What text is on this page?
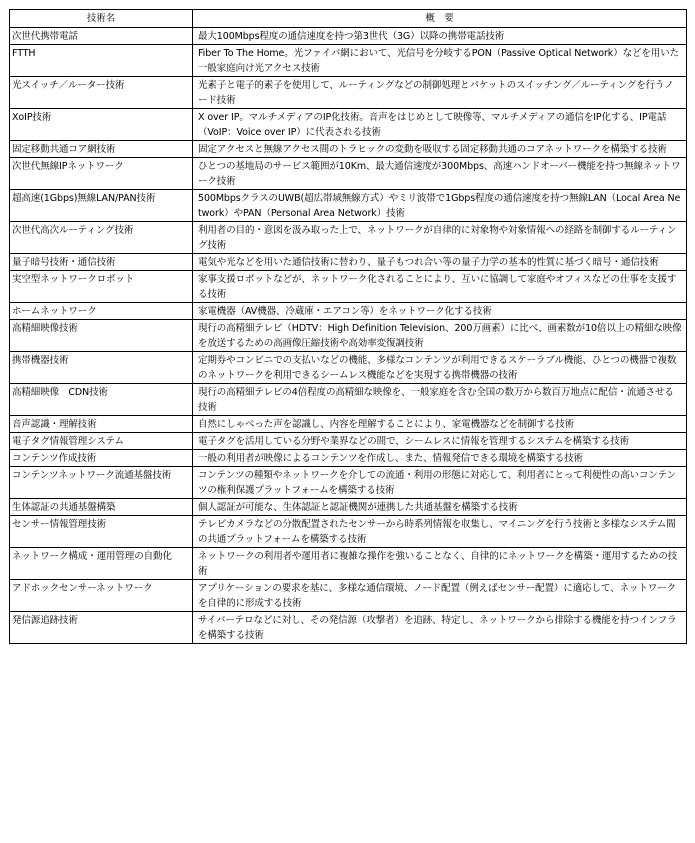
技術名	概　要
次世代携帯電話	最大100Mbps程度の通信速度を持つ第3世代（3G）以降の携帯電話技術
FTTH	Fiber To The Home。光ファイバ網において、光信号を分岐するPON（Passive Optical Network）などを用いた一般家庭向け光アクセス技術
光スイッチ／ルーター技術	光素子と電子的素子を使用して、ルーティングなどの制御処理とパケットのスイッチング／ルーティングを行うノード技術
XoIP技術	X over IP。マルチメディアのIP化技術。音声をはじめとして映像等、マルチメディアの通信をIP化する、IP電話（VoIP：Voice over IP）に代表される技術
固定移動共通コア網技術	固定アクセスと無線アクセス間のトラヒックの変動を吸収する固定移動共通のコアネットワークを構築する技術
次世代無線IPネットワーク	ひとつの基地局のサービス範囲が10Km、最大通信速度が300Mbps、高速ハンドオーバー機能を持つ無線ネットワーク技術
超高速(1Gbps)無線LAN/PAN技術	500MbpsクラスのUWB(超広帯域無線方式）やミリ波帯で1Gbps程度の通信速度を持つ無線LAN（Local Area Network）やPAN（Personal Area Network）技術
次世代高次ルーティング技術	利用者の目的・意図を汲み取った上で、ネットワークが自律的に対象物や対象情報への経路を制御するルーティング技術
量子暗号技術・通信技術	電気や光などを用いた通信技術に替わり、量子もつれ合い等の量子力学の基本的性質に基づく暗号・通信技術
実空型ネットワークロボット	家事支援ロボットなどが、ネットワーク化されることにより、互いに協調して家庭やオフィスなどの仕事を支援する技術
ホームネットワーク	家電機器（AV機器、冷蔵庫・エアコン等）をネットワーク化する技術
高精細映像技術	現行の高精細テレビ（HDTV：High Definition Television、200万画素）に比べ、画素数が10倍以上の精細な映像を放送するための高画像圧縮技術や高効率変復調技術
携帯機器技術	定期券やコンビニでの支払いなどの機能、多様なコンテンツが利用できるスケーラブル機能、ひとつの機器で複数のネットワークを利用できるシームレス機能などを実現する携帯機器の技術
高精細映像　CDN技術	現行の高精細テレビの4倍程度の高精細な映像を、一般家庭を含む全国の数万から数百万地点に配信・流通させる技術
音声認識・理解技術	自然にしゃべった声を認識し、内容を理解することにより、家電機器などを制御する技術
電子タグ情報管理システム	電子タグを活用している分野や業界などの間で、シームレスに情報を管理するシステムを構築する技術
コンテンツ作成技術	一般の利用者が映像によるコンテンツを作成し、また、情報発信できる環境を構築する技術
コンテンツネットワーク流通基盤技術	コンテンツの種類やネットワークを介しての流通・利用の形態に対応して、利用者にとって利便性の高いコンテンツの権利保護プラットフォームを構築する技術
生体認証の共通基盤構築	個人認証が可能な、生体認証と認証機関が連携した共通基盤を構築する技術
センサー情報管理技術	テレビカメラなどの分散配置されたセンサーから時系列情報を収集し、マイニングを行う技術と多様なシステム間の共通プラットフォームを構築する技術
ネットワーク構成・運用管理の自動化	ネットワークの利用者や運用者に複雑な操作を強いることなく、自律的にネットワークを構築・運用するための技術
アドホックセンサーネットワーク	アプリケーションの要求を基に、多様な通信環境、ノード配置（例えばセンサー配置）に適応して、ネットワークを自律的に形成する技術
発信源追跡技術	サイバーテロなどに対し、その発信源（攻撃者）を追跡、特定し、ネットワークから排除する機能を持つインフラを構築する技術
